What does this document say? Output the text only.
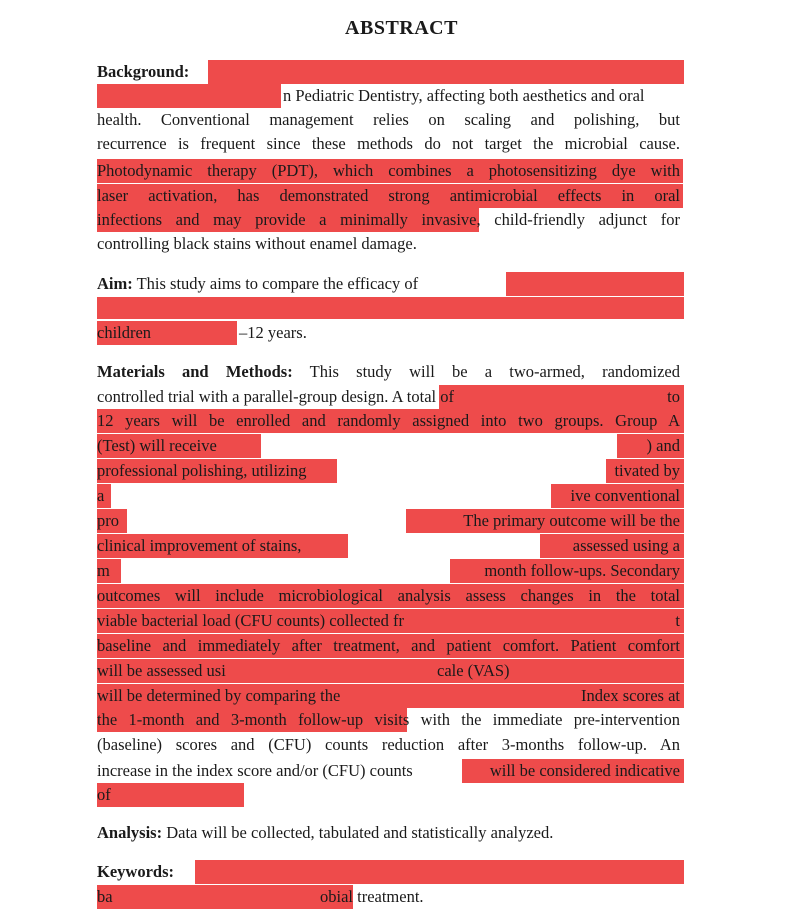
ABSTRACT
Background:
n Pediatric Dentistry, affecting both aesthetics and oral
health. Conventional management relies on scaling and polishing, but
recurrence is frequent since these methods do not target the microbial cause.
Photodynamic therapy (PDT), which combines a photosensitizing dye with
laser activation, has demonstrated strong antimicrobial effects in oral
infections and may provide a minimally invasive, child-friendly adjunct for
controlling black stains without enamel damage.
Aim: This study aims to compare the efficacy of
children	–12 years.
Materials and Methods: This study will be a two-armed, randomized
controlled trial with a parallel-group design. A total of	to
12 years will be enrolled and randomly assigned into two groups. Group A
(Test) will receive	) and
professional polishing, utilizing	tivated by
a	ive conventional
pro	The primary outcome will be the
clinical improvement of stains,	assessed using a
m	month follow-ups. Secondary
outcomes will include microbiological analysis assess changes in the total
viable bacterial load (CFU counts) collected fr	t
baseline and immediately after treatment, and patient comfort. Patient comfort
will be assessed usi	cale (VAS)
will be determined by comparing the	Index scores at
the 1-month and 3-month follow-up visits with the immediate pre-intervention
(baseline) scores and (CFU) counts reduction after 3-months follow-up. An
increase in the index score and/or (CFU) counts	will be considered indicative
of
Analysis: Data will be collected, tabulated and statistically analyzed.
Keywords:
ba	obial treatment.
